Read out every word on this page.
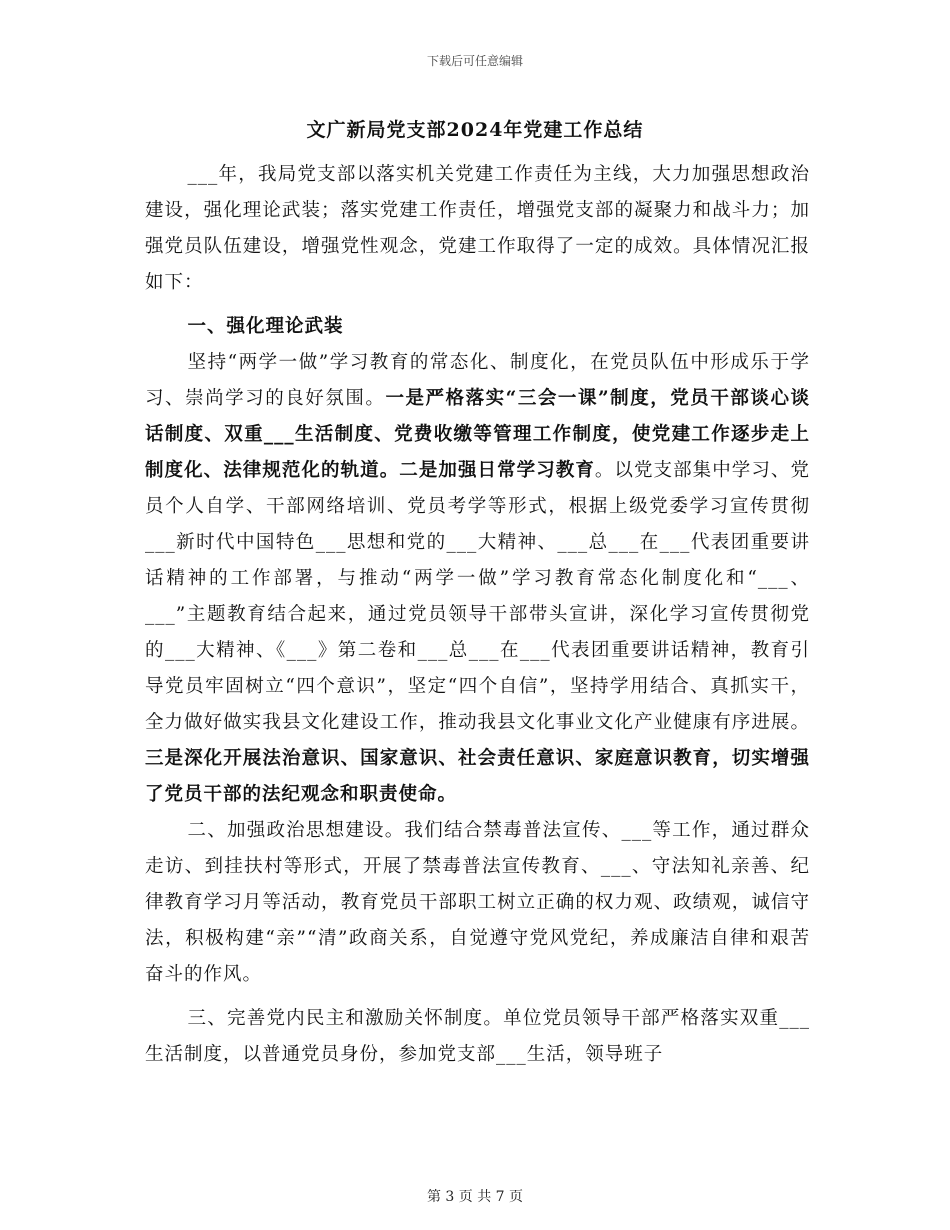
下载后可任意编辑
文广新局党支部2024年党建工作总结

___年，我局党支部以落实机关党建工作责任为主线，大力加强思想政治建设，强化理论武装；落实党建工作责任，增强党支部的凝聚力和战斗力；加强党员队伍建设，增强党性观念，党建工作取得了一定的成效。具体情况汇报如下：

一、强化理论武装

坚持“两学一做”学习教育的常态化、制度化，在党员队伍中形成乐于学习、崇尚学习的良好氛围。一是严格落实“三会一课”制度，党员干部谈心谈话制度、双重___生活制度、党费收缴等管理工作制度，使党建工作逐步走上制度化、法律规范化的轨道。二是加强日常学习教育。以党支部集中学习、党员个人自学、干部网络培训、党员考学等形式，根据上级党委学习宣传贯彻___新时代中国特色___思想和党的___大精神、___总___在___代表团重要讲话精神的工作部署，与推动“两学一做”学习教育常态化制度化和“___、___”主题教育结合起来，通过党员领导干部带头宣讲，深化学习宣传贯彻党的___大精神、《___》第二卷和___总___在___代表团重要讲话精神，教育引导党员牢固树立“四个意识”，坚定“四个自信”，坚持学用结合、真抓实干，全力做好做实我县文化建设工作，推动我县文化事业文化产业健康有序进展。三是深化开展法治意识、国家意识、社会责任意识、家庭意识教育，切实增强了党员干部的法纪观念和职责使命。

二、加强政治思想建设。我们结合禁毒普法宣传、___等工作，通过群众走访、到挂扶村等形式，开展了禁毒普法宣传教育、___、守法知礼亲善、纪律教育学习月等活动，教育党员干部职工树立正确的权力观、政绩观，诚信守法，积极构建“亲”“清”政商关系，自觉遵守党风党纪，养成廉洁自律和艰苦奋斗的作风。

三、完善党内民主和激励关怀制度。单位党员领导干部严格落实双重___生活制度，以普通党员身份，参加党支部___生活，领导班子

第 3 页 共 7 页
